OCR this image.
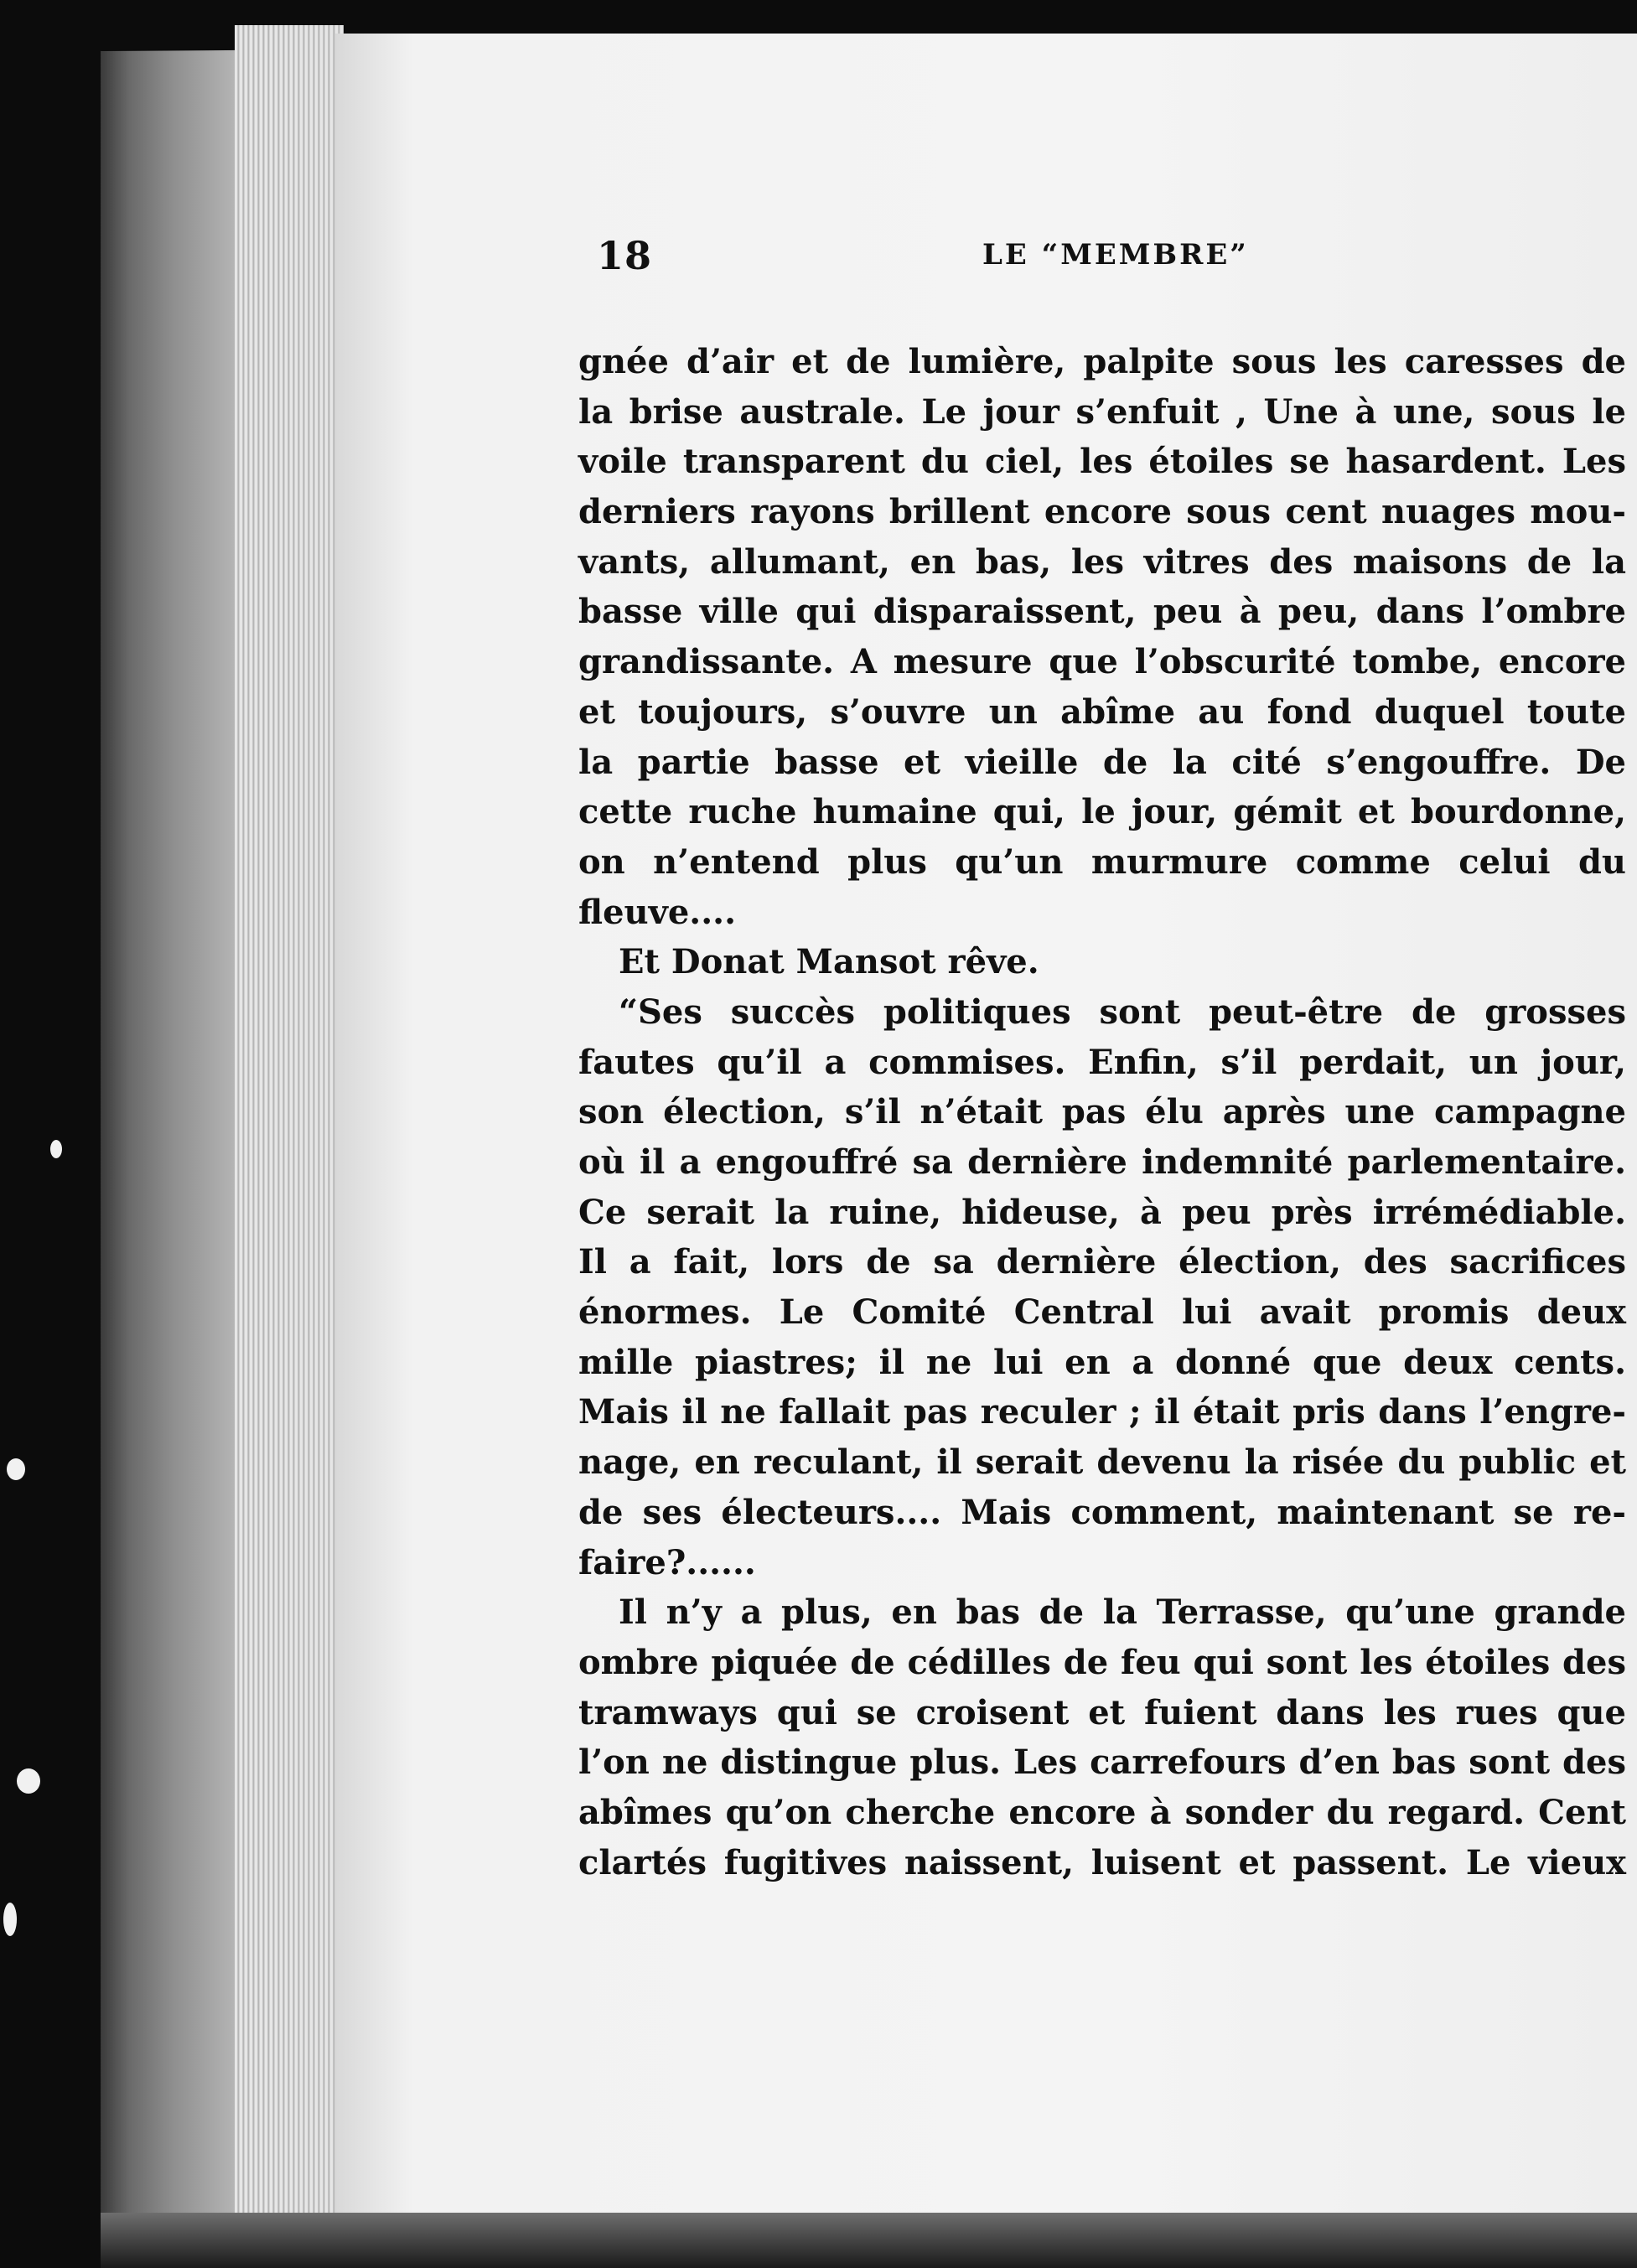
18	LE “MEMBRE”
gnée d’air et de lumière, palpite sous les caresses de
la brise australe. Le jour s’enfuit , Une à une, sous le
voile transparent du ciel, les étoiles se hasardent. Les
derniers rayons brillent encore sous cent nuages mou-
vants, allumant, en bas, les vitres des maisons de la
basse ville qui disparaissent, peu à peu, dans l’ombre
grandissante. A mesure que l’obscurité tombe, encore
et toujours, s’ouvre un abîme au fond duquel toute
la partie basse et vieille de la cité s’engouffre. De
cette ruche humaine qui, le jour, gémit et bourdonne,
on n’entend plus qu’un murmure comme celui du
fleuve....
Et Donat Mansot rêve.
“Ses succès politiques sont peut-être de grosses
fautes qu’il a commises. Enfin, s’il perdait, un jour,
son élection, s’il n’était pas élu après une campagne
où il a engouffré sa dernière indemnité parlementaire.
Ce serait la ruine, hideuse, à peu près irrémédiable.
Il a fait, lors de sa dernière élection, des sacrifices
énormes. Le Comité Central lui avait promis deux
mille piastres; il ne lui en a donné que deux cents.
Mais il ne fallait pas reculer ; il était pris dans l’engre-
nage, en reculant, il serait devenu la risée du public et
de ses électeurs.... Mais comment, maintenant se re-
faire?......
Il n’y a plus, en bas de la Terrasse, qu’une grande
ombre piquée de cédilles de feu qui sont les étoiles des
tramways qui se croisent et fuient dans les rues que
l’on ne distingue plus. Les carrefours d’en bas sont des
abîmes qu’on cherche encore à sonder du regard. Cent
clartés fugitives naissent, luisent et passent. Le vieux
